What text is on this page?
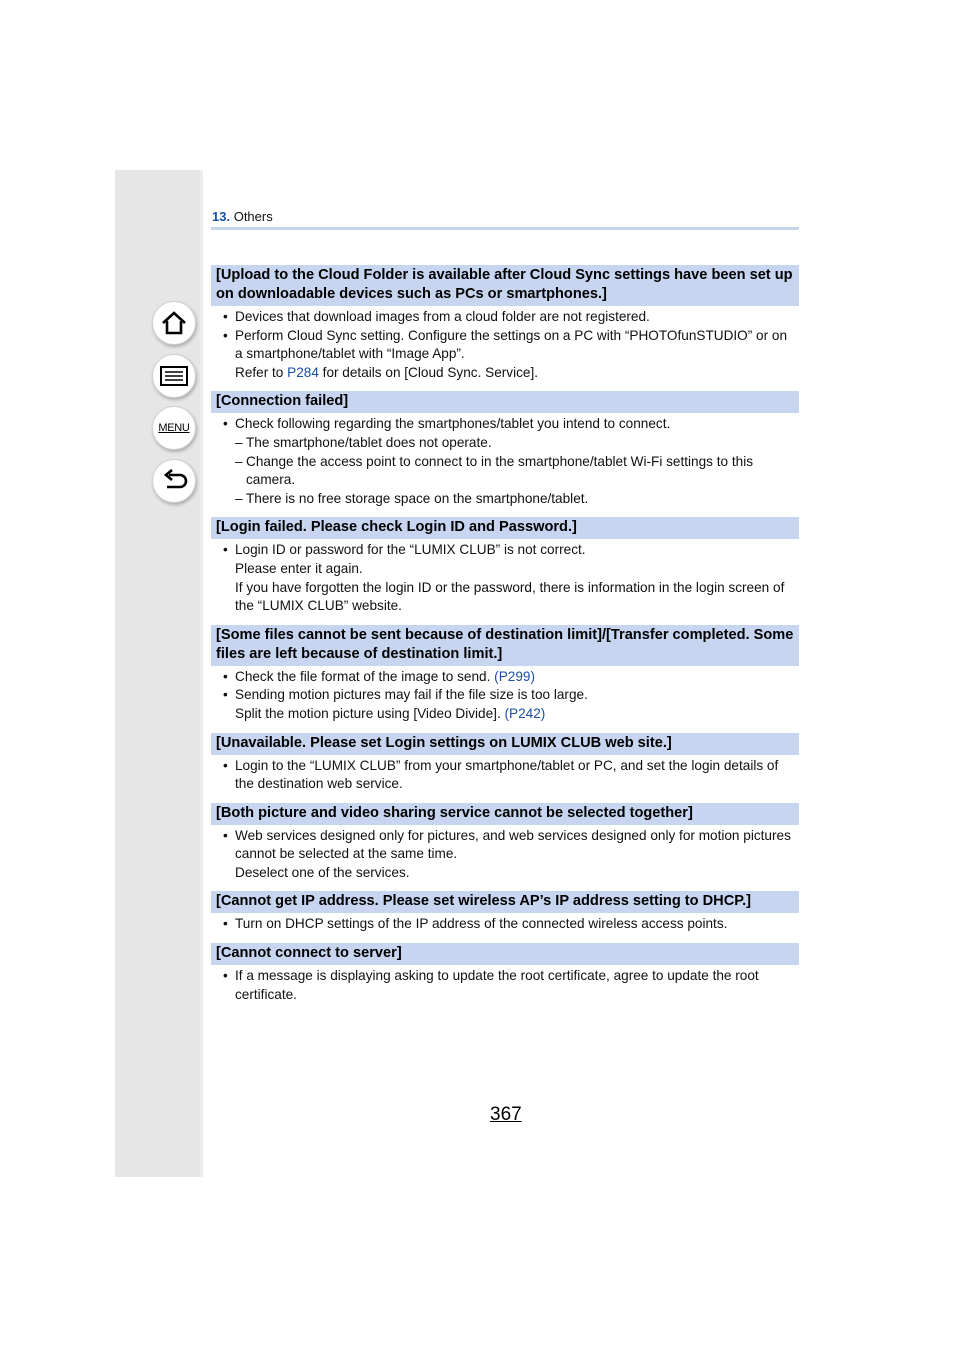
MENU
13. Others
[Upload to the Cloud Folder is available after Cloud Sync settings have been set up on downloadable devices such as PCs or smartphones.]

• Devices that download images from a cloud folder are not registered.

• Perform Cloud Sync setting. Configure the settings on a PC with “PHOTOfunSTUDIO” or on a smartphone/tablet with “Image App”.

Refer to P284 for details on [Cloud Sync. Service].

[Connection failed]

• Check following regarding the smartphones/tablet you intend to connect.

– The smartphone/tablet does not operate.

– Change the access point to connect to in the smartphone/tablet Wi-Fi settings to this camera.

– There is no free storage space on the smartphone/tablet.

[Login failed. Please check Login ID and Password.]

• Login ID or password for the “LUMIX CLUB” is not correct.

Please enter it again.

If you have forgotten the login ID or the password, there is information in the login screen of the “LUMIX CLUB” website.

[Some files cannot be sent because of destination limit]/[Transfer completed. Some files are left because of destination limit.]

• Check the file format of the image to send. (P299)

• Sending motion pictures may fail if the file size is too large.

Split the motion picture using [Video Divide]. (P242)

[Unavailable. Please set Login settings on LUMIX CLUB web site.]

• Login to the “LUMIX CLUB” from your smartphone/tablet or PC, and set the login details of the destination web service.

[Both picture and video sharing service cannot be selected together]

• Web services designed only for pictures, and web services designed only for motion pictures cannot be selected at the same time.

Deselect one of the services.

[Cannot get IP address. Please set wireless AP’s IP address setting to DHCP.]

• Turn on DHCP settings of the IP address of the connected wireless access points.

[Cannot connect to server]

• If a message is displaying asking to update the root certificate, agree to update the root certificate.

367
